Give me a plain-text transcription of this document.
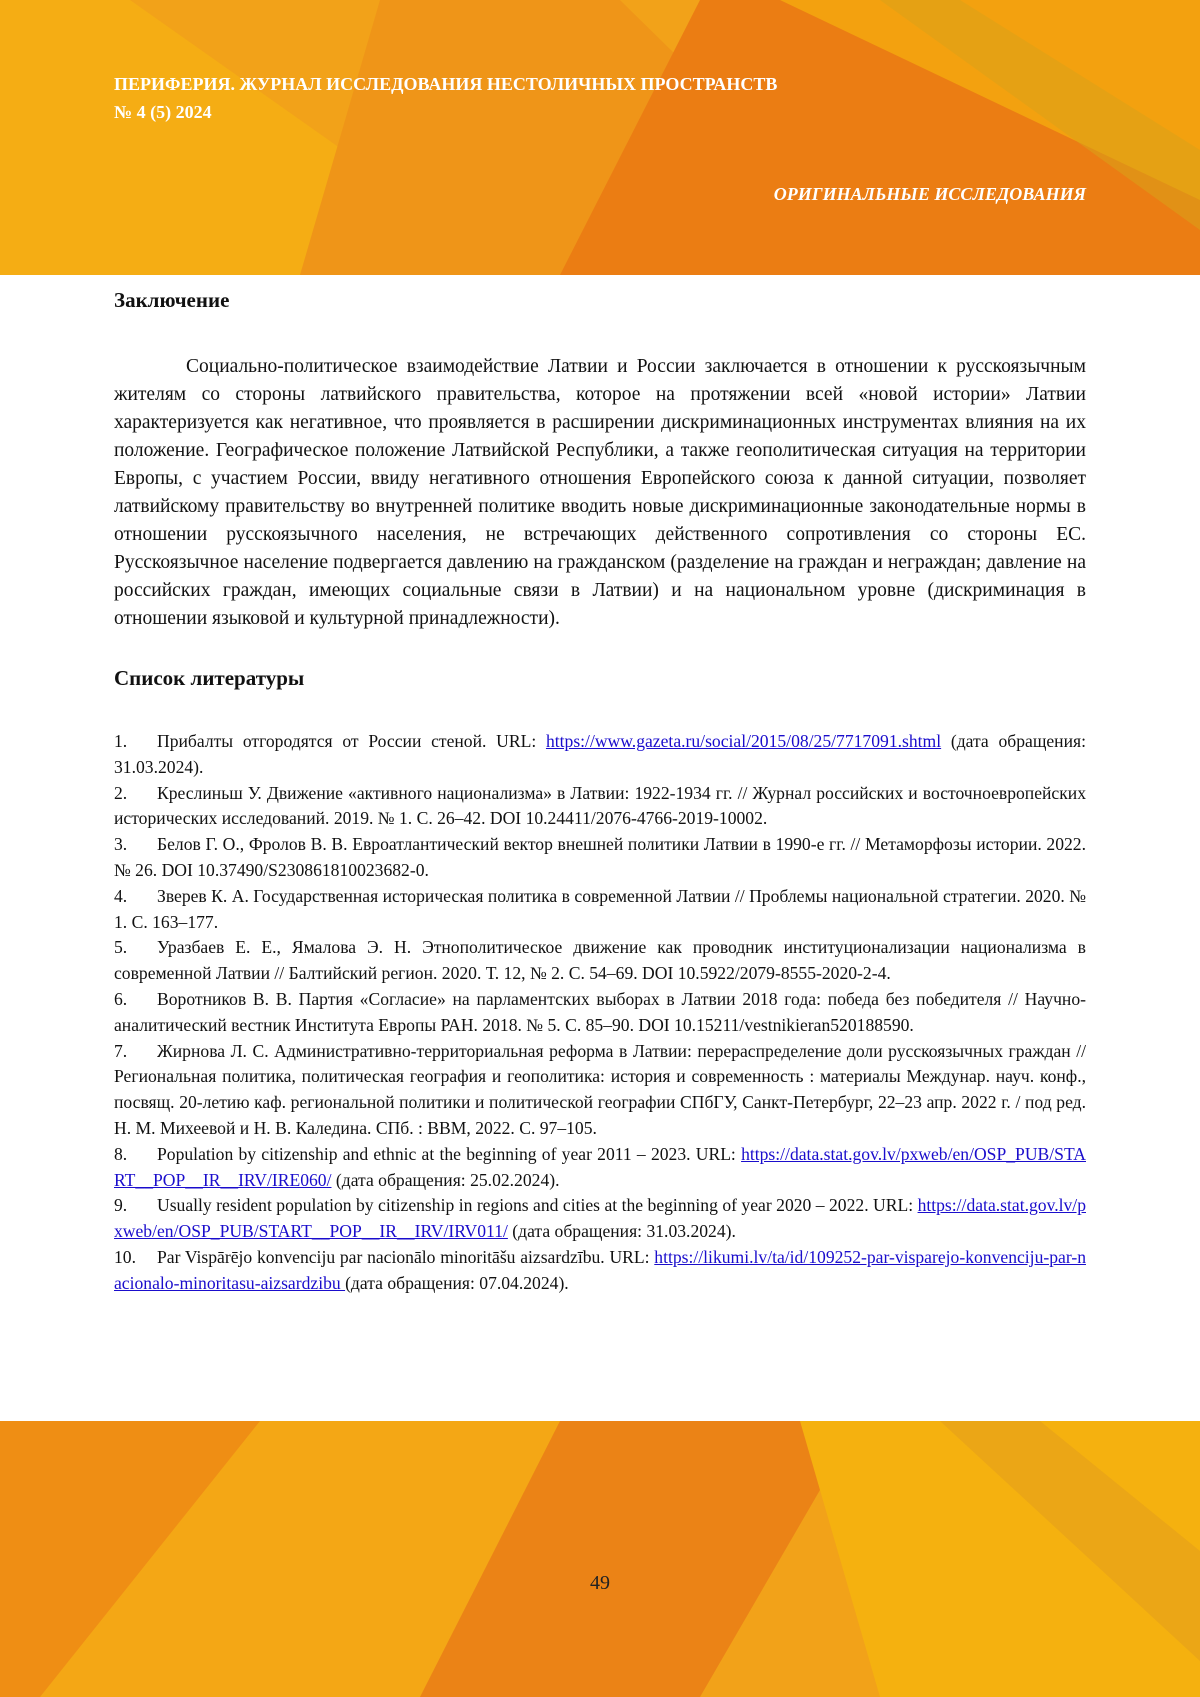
ПЕРИФЕРИЯ. ЖУРНАЛ ИССЛЕДОВАНИЯ НЕСТОЛИЧНЫХ ПРОСТРАНСТВ
№ 4 (5) 2024
ОРИГИНАЛЬНЫЕ ИССЛЕДОВАНИЯ
Заключение

Социально-политическое взаимодействие Латвии и России заключается в отношении к русскоязычным жителям со стороны латвийского правительства, которое на протяжении всей «новой истории» Латвии характеризуется как негативное, что проявляется в расширении дискриминационных инструментах влияния на их положение. Географическое положение Латвийской Республики, а также геополитическая ситуация на территории Европы, с участием России, ввиду негативного отношения Европейского союза к данной ситуации, позволяет латвийскому правительству во внутренней политике вводить новые дискриминационные законодательные нормы в отношении русскоязычного населения, не встречающих действенного сопротивления со стороны ЕС. Русскоязычное население подвергается давлению на гражданском (разделение на граждан и неграждан; давление на российских граждан, имеющих социальные связи в Латвии) и на национальном уровне (дискриминация в отношении языковой и культурной принадлежности).

Список литературы
1. Прибалты отгородятся от России стеной. URL: https://www.gazeta.ru/social/2015/08/25/7717091.shtml (дата обращения: 31.03.2024).
2. Креслиньш У. Движение «активного национализма» в Латвии: 1922-1934 гг. // Журнал российских и восточноевропейских исторических исследований. 2019. № 1. С. 26–42. DOI 10.24411/2076-4766-2019-10002.
3. Белов Г. О., Фролов В. В. Евроатлантический вектор внешней политики Латвии в 1990-е гг. // Метаморфозы истории. 2022. № 26. DOI 10.37490/S230861810023682-0.
4. Зверев К. А. Государственная историческая политика в современной Латвии // Проблемы национальной стратегии. 2020. № 1. С. 163–177.
5. Уразбаев Е. Е., Ямалова Э. Н. Этнополитическое движение как проводник институционализации национализма в современной Латвии // Балтийский регион. 2020. Т. 12, № 2. С. 54–69. DOI 10.5922/2079-8555-2020-2-4.
6. Воротников В. В. Партия «Согласие» на парламентских выборах в Латвии 2018 года: победа без победителя // Научно-аналитический вестник Института Европы РАН. 2018. № 5. С. 85–90. DOI 10.15211/vestnikieran520188590.
7. Жирнова Л. С. Административно-территориальная реформа в Латвии: перераспределение доли русскоязычных граждан // Региональная политика, политическая география и геополитика: история и современность : материалы Междунар. науч. конф., посвящ. 20-летию каф. региональной политики и политической географии СПбГУ, Санкт-Петербург, 22–23 апр. 2022 г. / под ред. Н. М. Михеевой и Н. В. Каледина. СПб. : ВВМ, 2022. С. 97–105.
8. Population by citizenship and ethnic at the beginning of year 2011 – 2023. URL: https://data.stat.gov.lv/pxweb/en/OSP_PUB/START__POP__IR__IRV/IRE060/ (дата обращения: 25.02.2024).
9. Usually resident population by citizenship in regions and cities at the beginning of year 2020 – 2022. URL: https://data.stat.gov.lv/pxweb/en/OSP_PUB/START__POP__IR__IRV/IRV011/ (дата обращения: 31.03.2024).
10. Par Vispārējo konvenciju par nacionālo minoritāšu aizsardzību. URL: https://likumi.lv/ta/id/109252-par-visparejo-konvenciju-par-nacionalo-minoritasu-aizsardzibu (дата обращения: 07.04.2024).
49
